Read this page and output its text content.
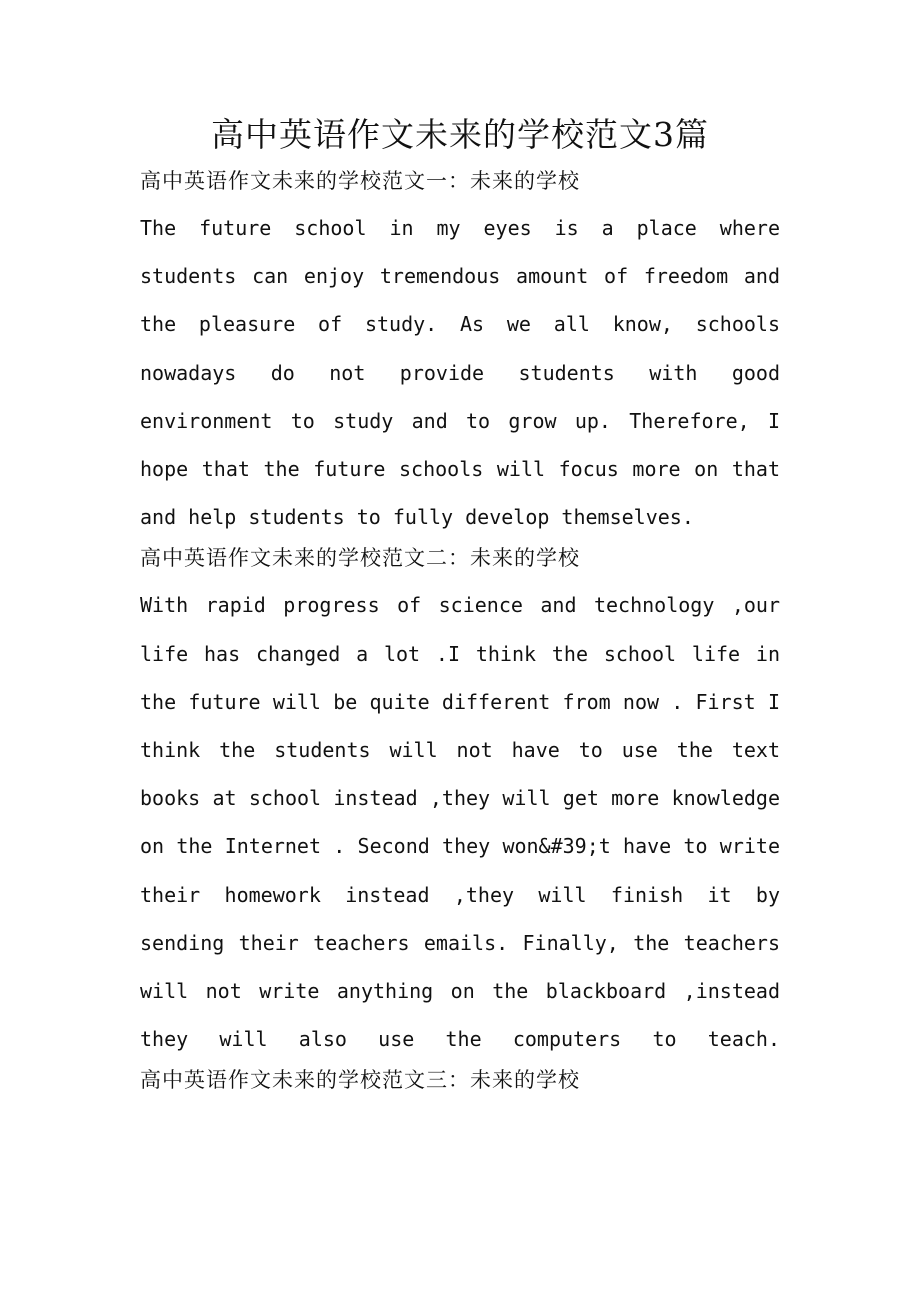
高中英语作文未来的学校范文3篇
高中英语作文未来的学校范文一：未来的学校

The future school in my eyes is a place where students can enjoy tremendous amount of freedom and the pleasure of study. As we all know, schools nowadays do not provide students with good environment to study and to grow up. Therefore, I hope that the future schools will focus more on that and help students to fully develop themselves.

高中英语作文未来的学校范文二：未来的学校

With rapid progress of science and technology ,our life has changed a lot .I think the school life in the future will be quite different from now . First I think the students will not have to use the text books at school instead ,they will get more knowledge on the Internet . Second they won&#39;t have to write their homework instead ,they will finish it by sending their teachers emails. Finally, the teachers will not write anything on the blackboard ,instead they will also use the computers to teach.

高中英语作文未来的学校范文三：未来的学校
